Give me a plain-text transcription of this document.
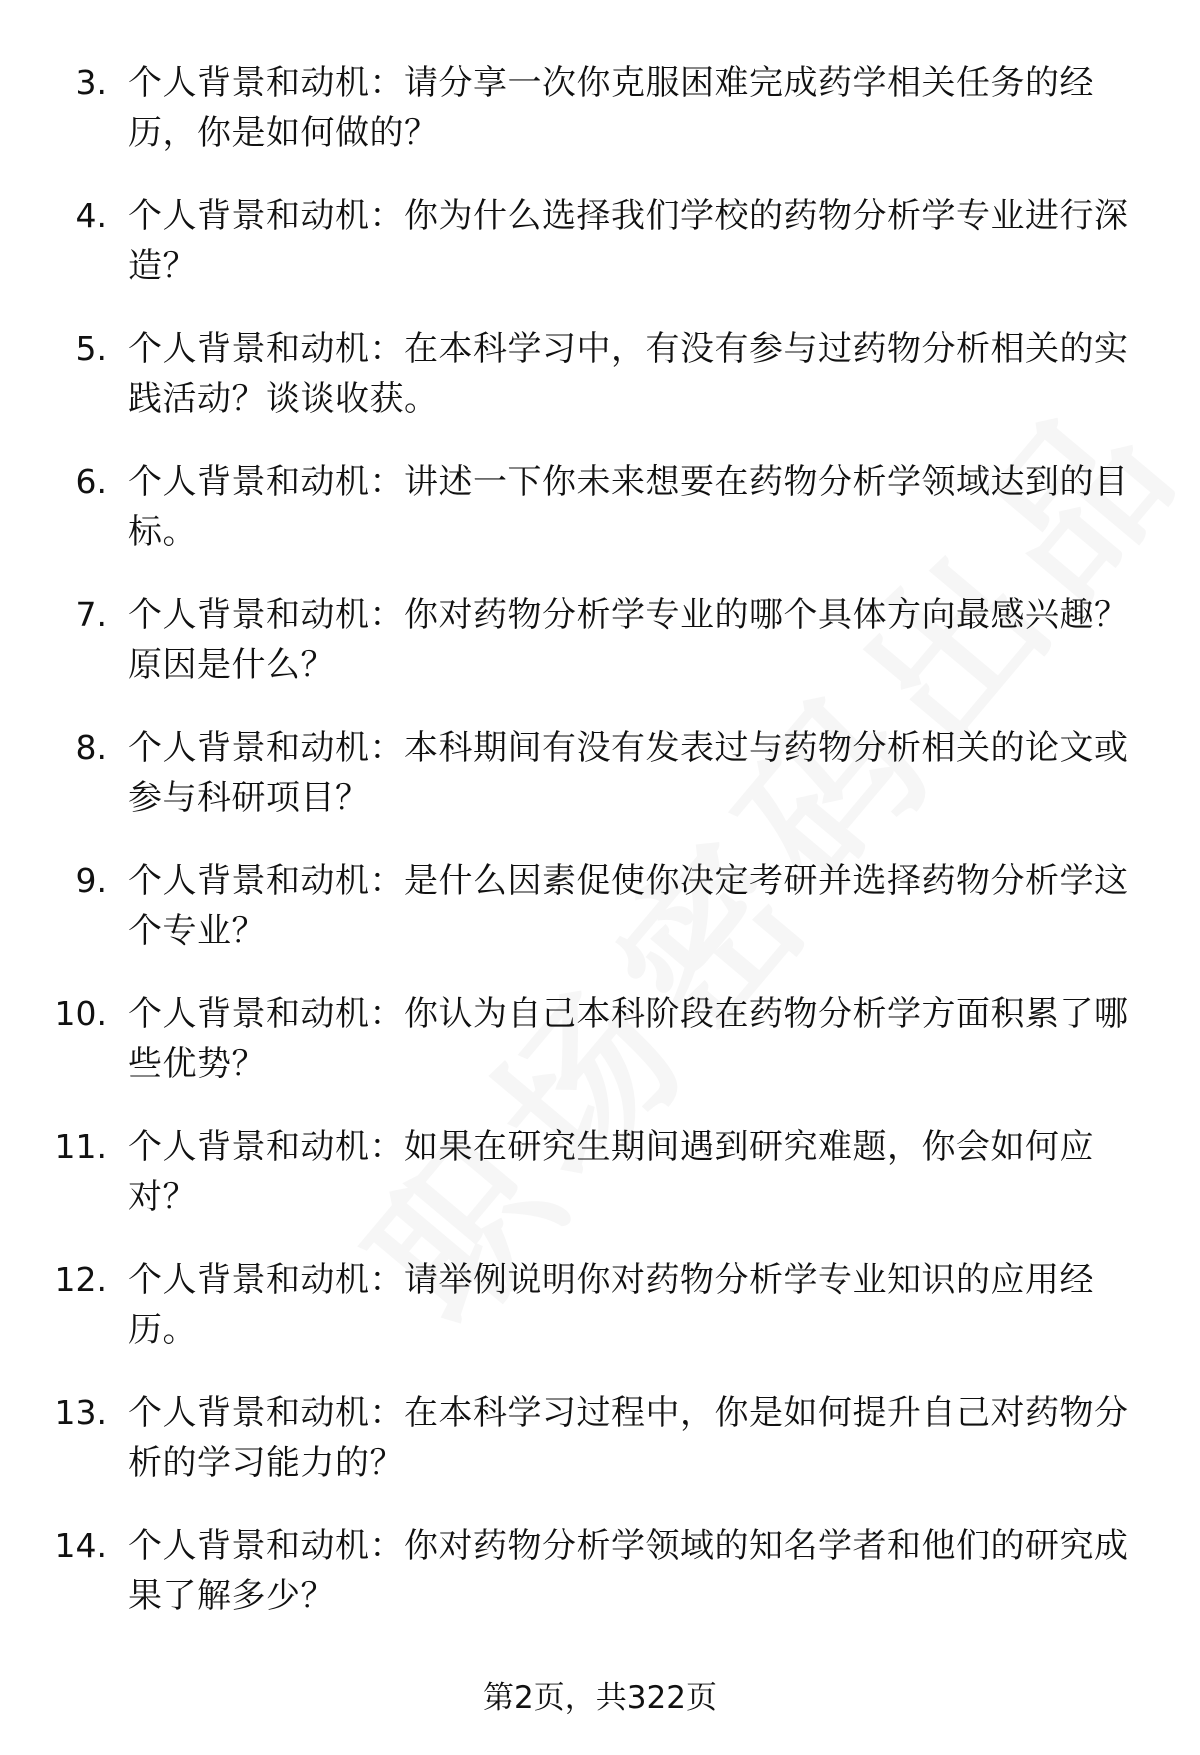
3. 个人背景和动机：请分享一次你克服困难完成药学相关任务的经历，你是如何做的？
4. 个人背景和动机：你为什么选择我们学校的药物分析学专业进行深造？
5. 个人背景和动机：在本科学习中，有没有参与过药物分析相关的实践活动？谈谈收获。
6. 个人背景和动机：讲述一下你未来想要在药物分析学领域达到的目标。
7. 个人背景和动机：你对药物分析学专业的哪个具体方向最感兴趣？原因是什么？
8. 个人背景和动机：本科期间有没有发表过与药物分析相关的论文或参与科研项目？
9. 个人背景和动机：是什么因素促使你决定考研并选择药物分析学这个专业？
10. 个人背景和动机：你认为自己本科阶段在药物分析学方面积累了哪些优势？
11. 个人背景和动机：如果在研究生期间遇到研究难题，你会如何应对？
12. 个人背景和动机：请举例说明你对药物分析学专业知识的应用经历。
13. 个人背景和动机：在本科学习过程中，你是如何提升自己对药物分析的学习能力的？
14. 个人背景和动机：你对药物分析学领域的知名学者和他们的研究成果了解多少？
第2页，共322页
